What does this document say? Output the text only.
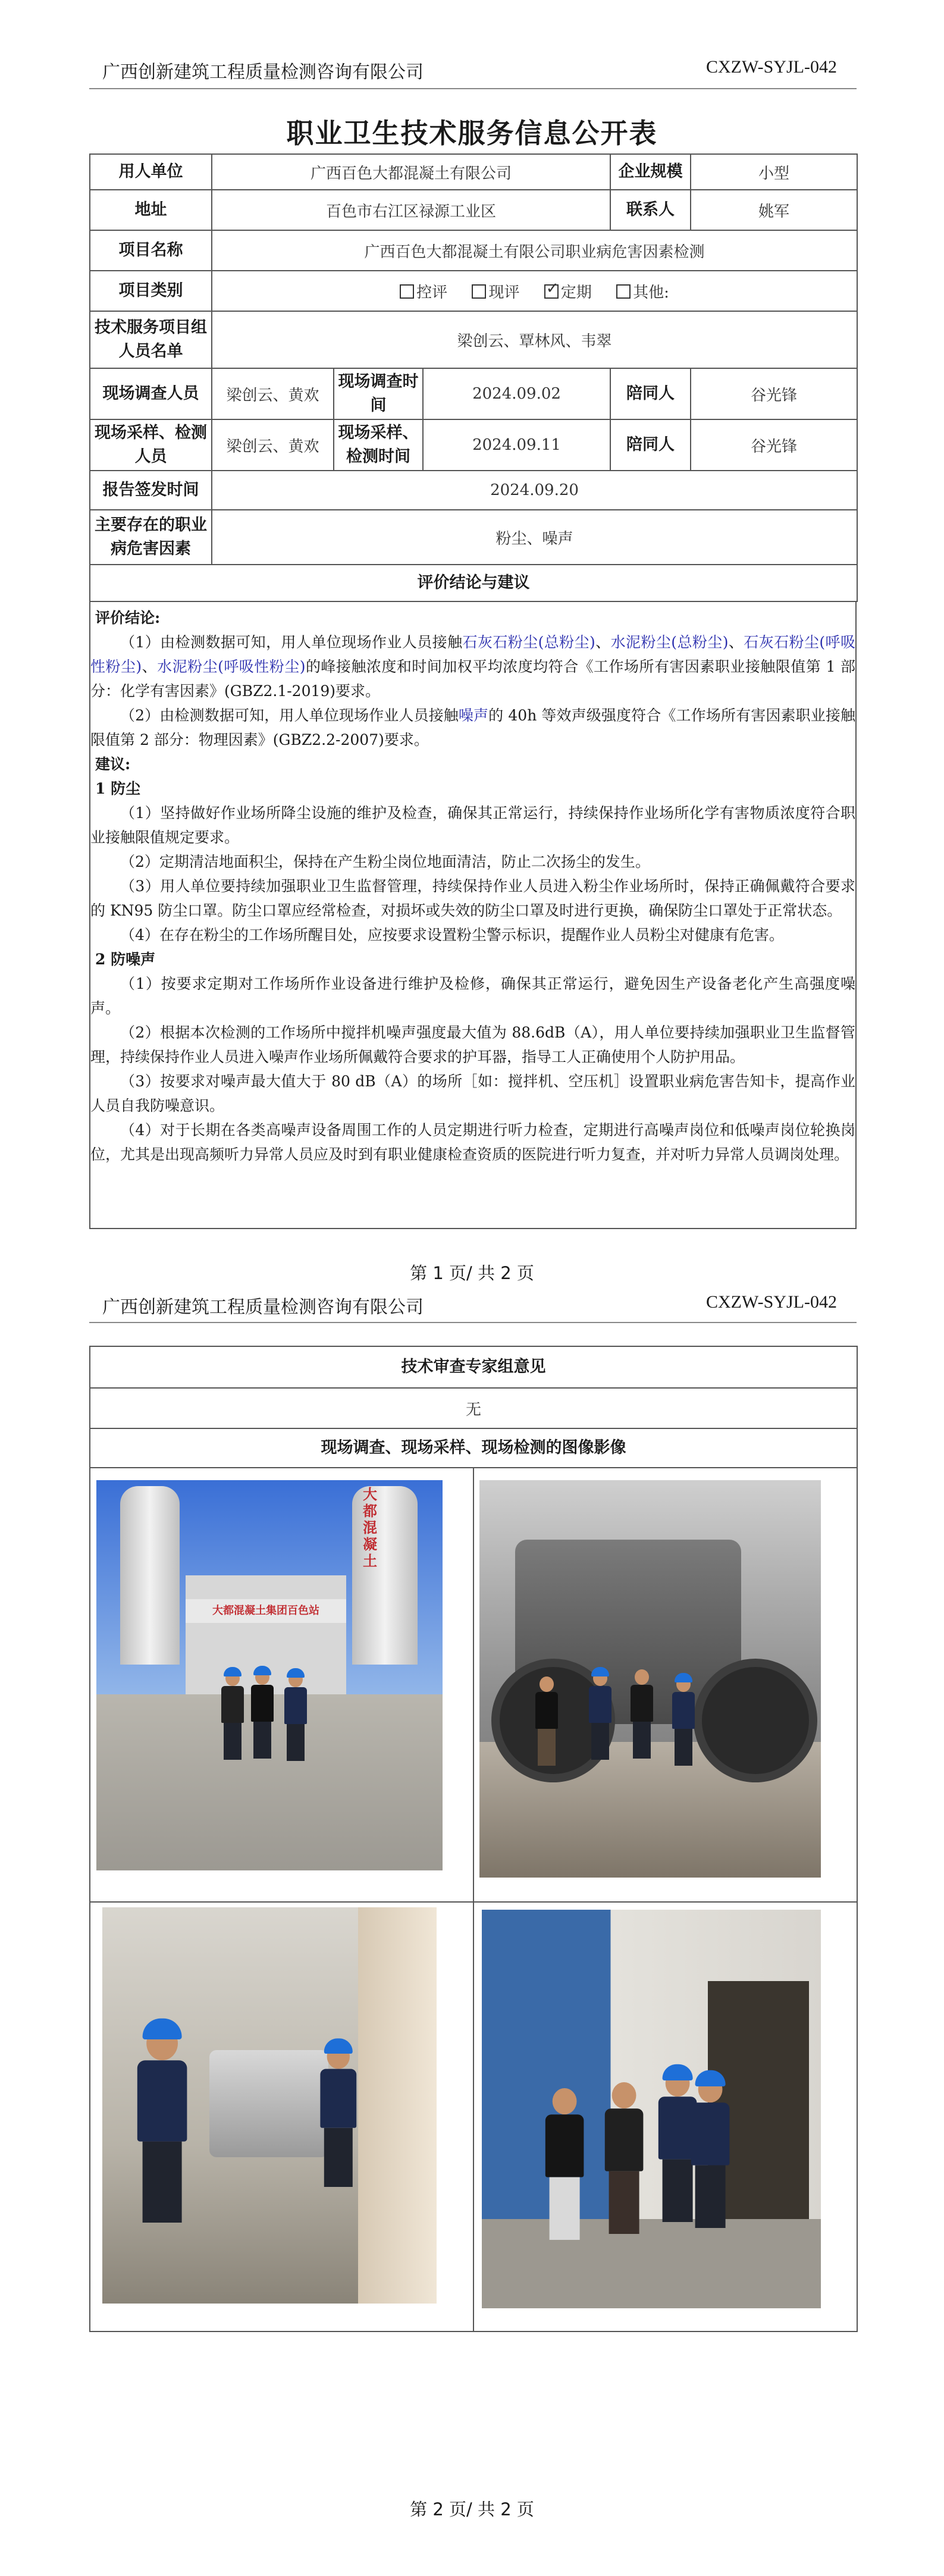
广西创新建筑工程质量检测咨询有限公司	CXZW-SYJL-042
职业卫生技术服务信息公开表
用人单位	广西百色大都混凝土有限公司			企业规模	小型
地址	百色市右江区禄源工业区			联系人	姚军
项目名称	广西百色大都混凝土有限公司职业病危害因素检测				
项目类别	控评 现评 ✓ 定期 其他:
技术服务项目组人员名单	梁创云、覃林风、韦翠				
现场调查人员	梁创云、黄欢	现场调查时间	2024.09.02	陪同人	谷光锋
现场采样、检测人员	梁创云、黄欢	现场采样、检测时间	2024.09.11	陪同人	谷光锋
报告签发时间	2024.09.20				
主要存在的职业病危害因素	粉尘、噪声				
评价结论与建议					

评价结论:

（1）由检测数据可知，用人单位现场作业人员接触石灰石粉尘(总粉尘)、水泥粉尘(总粉尘)、石灰石粉尘(呼吸性粉尘)、水泥粉尘(呼吸性粉尘)的峰接触浓度和时间加权平均浓度均符合《工作场所有害因素职业接触限值第 1 部分：化学有害因素》(GBZ2.1-2019)要求。

（2）由检测数据可知，用人单位现场作业人员接触噪声的 40h 等效声级强度符合《工作场所有害因素职业接触限值第 2 部分：物理因素》(GBZ2.2-2007)要求。

建议:

1 防尘

（1）坚持做好作业场所降尘设施的维护及检查，确保其正常运行，持续保持作业场所化学有害物质浓度符合职业接触限值规定要求。

（2）定期清洁地面积尘，保持在产生粉尘岗位地面清洁，防止二次扬尘的发生。

（3）用人单位要持续加强职业卫生监督管理，持续保持作业人员进入粉尘作业场所时，保持正确佩戴符合要求的 KN95 防尘口罩。防尘口罩应经常检查，对损坏或失效的防尘口罩及时进行更换，确保防尘口罩处于正常状态。

（4）在存在粉尘的工作场所醒目处，应按要求设置粉尘警示标识，提醒作业人员粉尘对健康有危害。

2 防噪声

（1）按要求定期对工作场所作业设备进行维护及检修，确保其正常运行，避免因生产设备老化产生高强度噪声。

（2）根据本次检测的工作场所中搅拌机噪声强度最大值为 88.6dB（A），用人单位要持续加强职业卫生监督管理，持续保持作业人员进入噪声作业场所佩戴符合要求的护耳器，指导工人正确使用个人防护用品。

（3）按要求对噪声最大值大于 80 dB（A）的场所［如：搅拌机、空压机］设置职业病危害告知卡，提高作业人员自我防噪意识。

（4）对于长期在各类高噪声设备周围工作的人员定期进行听力检查，定期进行高噪声岗位和低噪声岗位轮换岗位，尤其是出现高频听力异常人员应及时到有职业健康检查资质的医院进行听力复查，并对听力异常人员调岗处理。

第 1 页/ 共 2 页
广西创新建筑工程质量检测咨询有限公司	CXZW-SYJL-042
技术审查专家组意见	
无	
现场调查、现场采样、现场检测的图像影像	

大都混凝土
大都混凝土集团百色站
第 2 页/ 共 2 页
